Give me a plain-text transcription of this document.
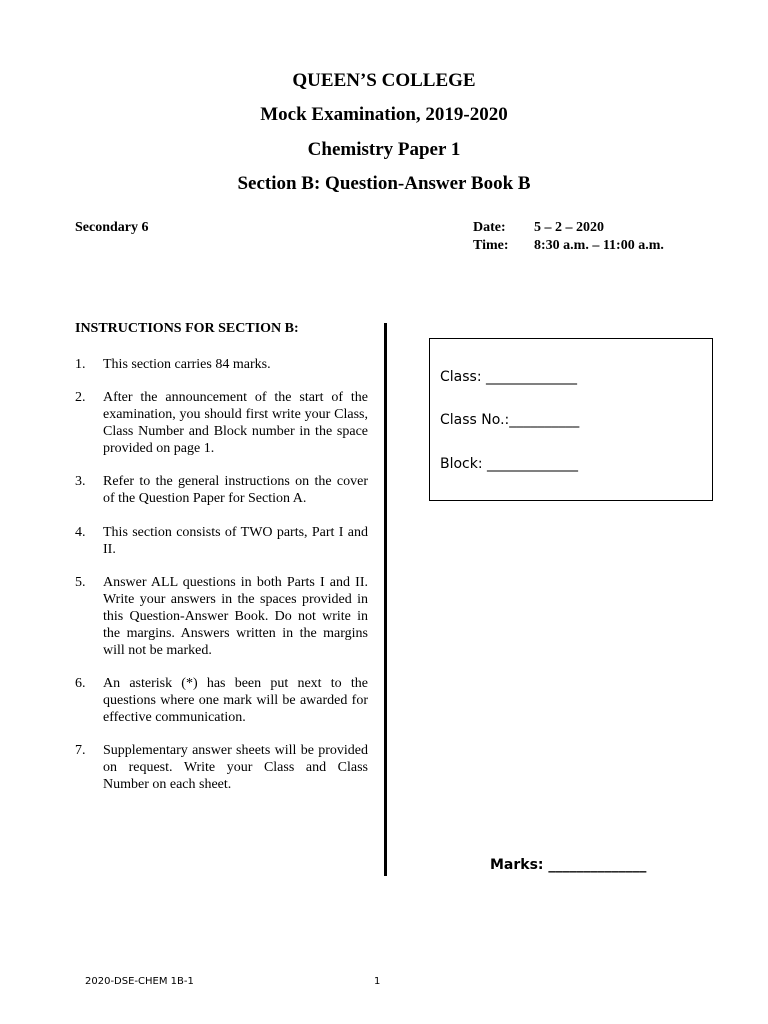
QUEEN’S COLLEGE
Mock Examination, 2019-2020
Chemistry Paper 1
Section B: Question-Answer Book B
Secondary 6	Date: 5 – 2 – 2020
Time: 8:30 a.m. – 11:00 a.m.
INSTRUCTIONS FOR SECTION B:
1. This section carries 84 marks.
2. After the announcement of the start of the examination, you should first write your Class, Class Number and Block number in the space provided on page 1.
3. Refer to the general instructions on the cover of the Question Paper for Section A.
4. This section consists of TWO parts, Part I and II.
5. Answer ALL questions in both Parts I and II. Write your answers in the spaces provided in this Question-Answer Book. Do not write in the margins. Answers written in the margins will not be marked.
6. An asterisk (*) has been put next to the questions where one mark will be awarded for effective communication.
7. Supplementary answer sheets will be provided on request. Write your Class and Class Number on each sheet.
Class: _____________
Class No.:__________
Block: _____________
Marks: ______________
2020-DSE-CHEM 1B-1	1
